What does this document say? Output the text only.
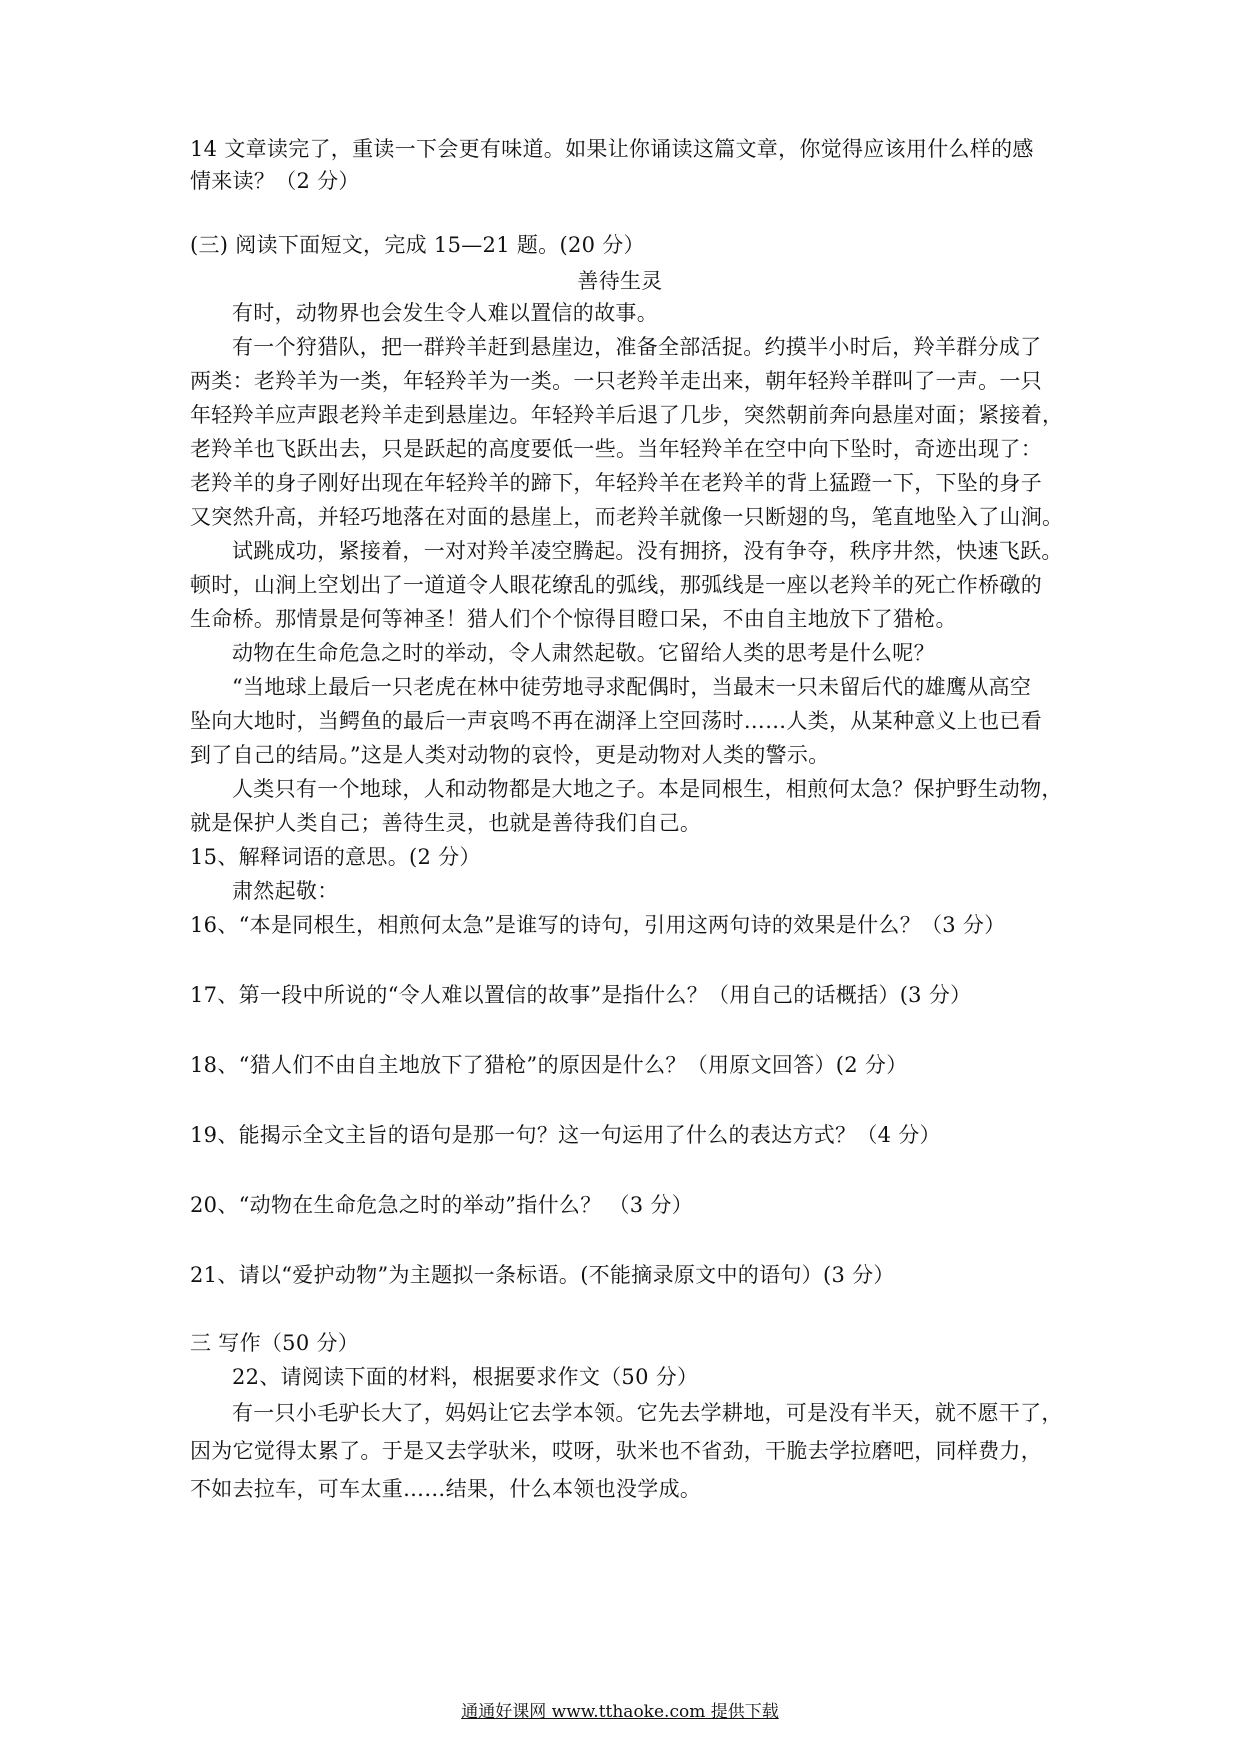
14 文章读完了，重读一下会更有味道。如果让你诵读这篇文章，你觉得应该用什么样的感
情来读？（2 分）
(三) 阅读下面短文，完成 15—21 题。(20 分）
善待生灵
有时，动物界也会发生令人难以置信的故事。
有一个狩猎队，把一群羚羊赶到悬崖边，准备全部活捉。约摸半小时后，羚羊群分成了
两类：老羚羊为一类，年轻羚羊为一类。一只老羚羊走出来，朝年轻羚羊群叫了一声。一只
年轻羚羊应声跟老羚羊走到悬崖边。年轻羚羊后退了几步，突然朝前奔向悬崖对面；紧接着，
老羚羊也飞跃出去，只是跃起的高度要低一些。当年轻羚羊在空中向下坠时，奇迹出现了：
老羚羊的身子刚好出现在年轻羚羊的蹄下，年轻羚羊在老羚羊的背上猛蹬一下，下坠的身子
又突然升高，并轻巧地落在对面的悬崖上，而老羚羊就像一只断翅的鸟，笔直地坠入了山涧。
试跳成功，紧接着，一对对羚羊凌空腾起。没有拥挤，没有争夺，秩序井然，快速飞跃。
顿时，山涧上空划出了一道道令人眼花缭乱的弧线，那弧线是一座以老羚羊的死亡作桥礅的
生命桥。那情景是何等神圣！猎人们个个惊得目瞪口呆，不由自主地放下了猎枪。
动物在生命危急之时的举动，令人肃然起敬。它留给人类的思考是什么呢？
“当地球上最后一只老虎在林中徒劳地寻求配偶时，当最末一只未留后代的雄鹰从高空
坠向大地时，当鳄鱼的最后一声哀鸣不再在湖泽上空回荡时……人类，从某种意义上也已看
到了自己的结局。”这是人类对动物的哀怜，更是动物对人类的警示。
人类只有一个地球，人和动物都是大地之子。本是同根生，相煎何太急？保护野生动物，
就是保护人类自己；善待生灵，也就是善待我们自己。
15、解释词语的意思。(2 分）
肃然起敬：
16、“本是同根生，相煎何太急”是谁写的诗句，引用这两句诗的效果是什么？（3 分）
17、第一段中所说的“令人难以置信的故事”是指什么？（用自己的话概括）(3 分）
18、“猎人们不由自主地放下了猎枪”的原因是什么？（用原文回答）(2 分）
19、能揭示全文主旨的语句是那一句？这一句运用了什么的表达方式？（4 分）
20、“动物在生命危急之时的举动”指什么？ （3 分）
21、请以“爱护动物”为主题拟一条标语。(不能摘录原文中的语句）(3 分）
三 写作（50 分）
22、请阅读下面的材料，根据要求作文（50 分）
有一只小毛驴长大了，妈妈让它去学本领。它先去学耕地，可是没有半天，就不愿干了，
因为它觉得太累了。于是又去学驮米，哎呀，驮米也不省劲，干脆去学拉磨吧，同样费力，
不如去拉车，可车太重……结果，什么本领也没学成。
通通好课网 www.tthaoke.com 提供下载
